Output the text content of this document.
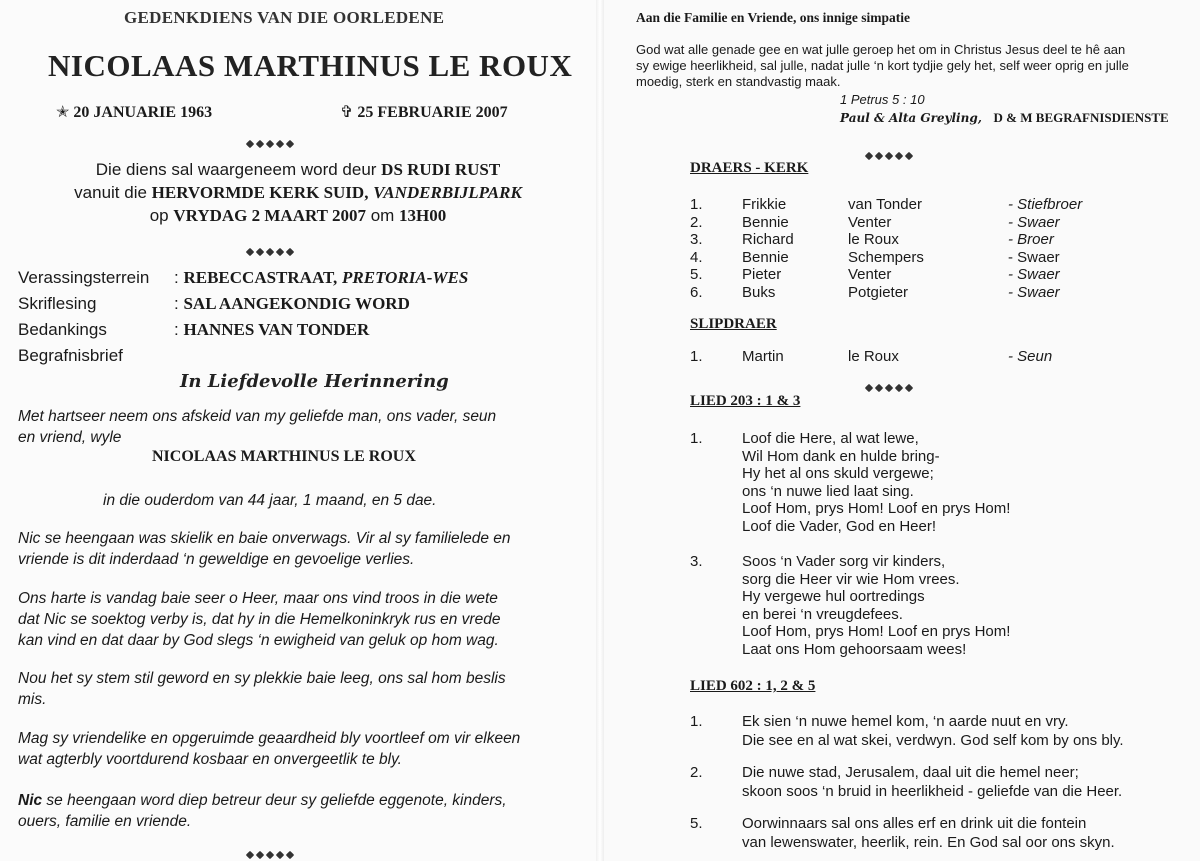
GEDENKDIENS VAN DIE OORLEDENE
NICOLAAS MARTHINUS LE ROUX
✭ 20 JANUARIE 1963	✞ 25 FEBRUARIE 2007
Die diens sal waargeneem word deur DS RUDI RUST
vanuit die HERVORMDE KERK SUID, VANDERBIJLPARK
op VRYDAG 2 MAART 2007 om 13H00
Verassingsterrein : REBECCASTRAAT, PRETORIA-WES
Skriflesing	: SAL AANGEKONDIG WORD
Bedankings	: HANNES VAN TONDER
Begrafnisbrief
In Liefdevolle Herinnering
Met hartseer neem ons afskeid van my geliefde man, ons vader, seun
en vriend, wyle
NICOLAAS MARTHINUS LE ROUX
in die ouderdom van 44 jaar, 1 maand, en 5 dae.
Nic se heengaan was skielik en baie onverwags. Vir al sy familielede en
vriende is dit inderdaad ‘n geweldige en gevoelige verlies.
Ons harte is vandag baie seer o Heer, maar ons vind troos in die wete
dat Nic se soektog verby is, dat hy in die Hemelkoninkryk rus en vrede
kan vind en dat daar by God slegs ‘n ewigheid van geluk op hom wag.
Nou het sy stem stil geword en sy plekkie baie leeg, ons sal hom beslis
mis.
Mag sy vriendelike en opgeruimde geaardheid bly voortleef om vir elkeen
wat agterbly voortdurend kosbaar en onvergeetlik te bly.
Nic se heengaan word diep betreur deur sy geliefde eggenote, kinders,
ouers, familie en vriende.
Aan die Familie en Vriende, ons innige simpatie
God wat alle genade gee en wat julle geroep het om in Christus Jesus deel te hê aan
sy ewige heerlikheid, sal julle, nadat julle ‘n kort tydjie gely het, self weer oprig en julle
moedig, sterk en standvastig maak.
1 Petrus 5 : 10
Paul & Alta Greyling, D & M BEGRAFNISDIENSTE
DRAERS - KERK
1.	Frikkie	van Tonder	- Stiefbroer
2.	Bennie	Venter	- Swaer
3.	Richard	le Roux	- Broer
4.	Bennie	Schempers	- Swaer
5.	Pieter	Venter	- Swaer
6.	Buks	Potgieter	- Swaer
SLIPDRAER
1.	Martin	le Roux	- Seun
LIED 203 : 1 & 3
1.	Loof die Here, al wat lewe,
Wil Hom dank en hulde bring-
Hy het al ons skuld vergewe;
ons ‘n nuwe lied laat sing.
Loof Hom, prys Hom! Loof en prys Hom!
Loof die Vader, God en Heer!
3.	Soos ‘n Vader sorg vir kinders,
sorg die Heer vir wie Hom vrees.
Hy vergewe hul oortredings
en berei ‘n vreugdefees.
Loof Hom, prys Hom! Loof en prys Hom!
Laat ons Hom gehoorsaam wees!
LIED 602 : 1, 2 & 5
1.	Ek sien ‘n nuwe hemel kom, ‘n aarde nuut en vry.
Die see en al wat skei, verdwyn. God self kom by ons bly.
2.	Die nuwe stad, Jerusalem, daal uit die hemel neer;
skoon soos ‘n bruid in heerlikheid - geliefde van die Heer.
5.	Oorwinnaars sal ons alles erf en drink uit die fontein
van lewenswater, heerlik, rein. En God sal oor ons skyn.
